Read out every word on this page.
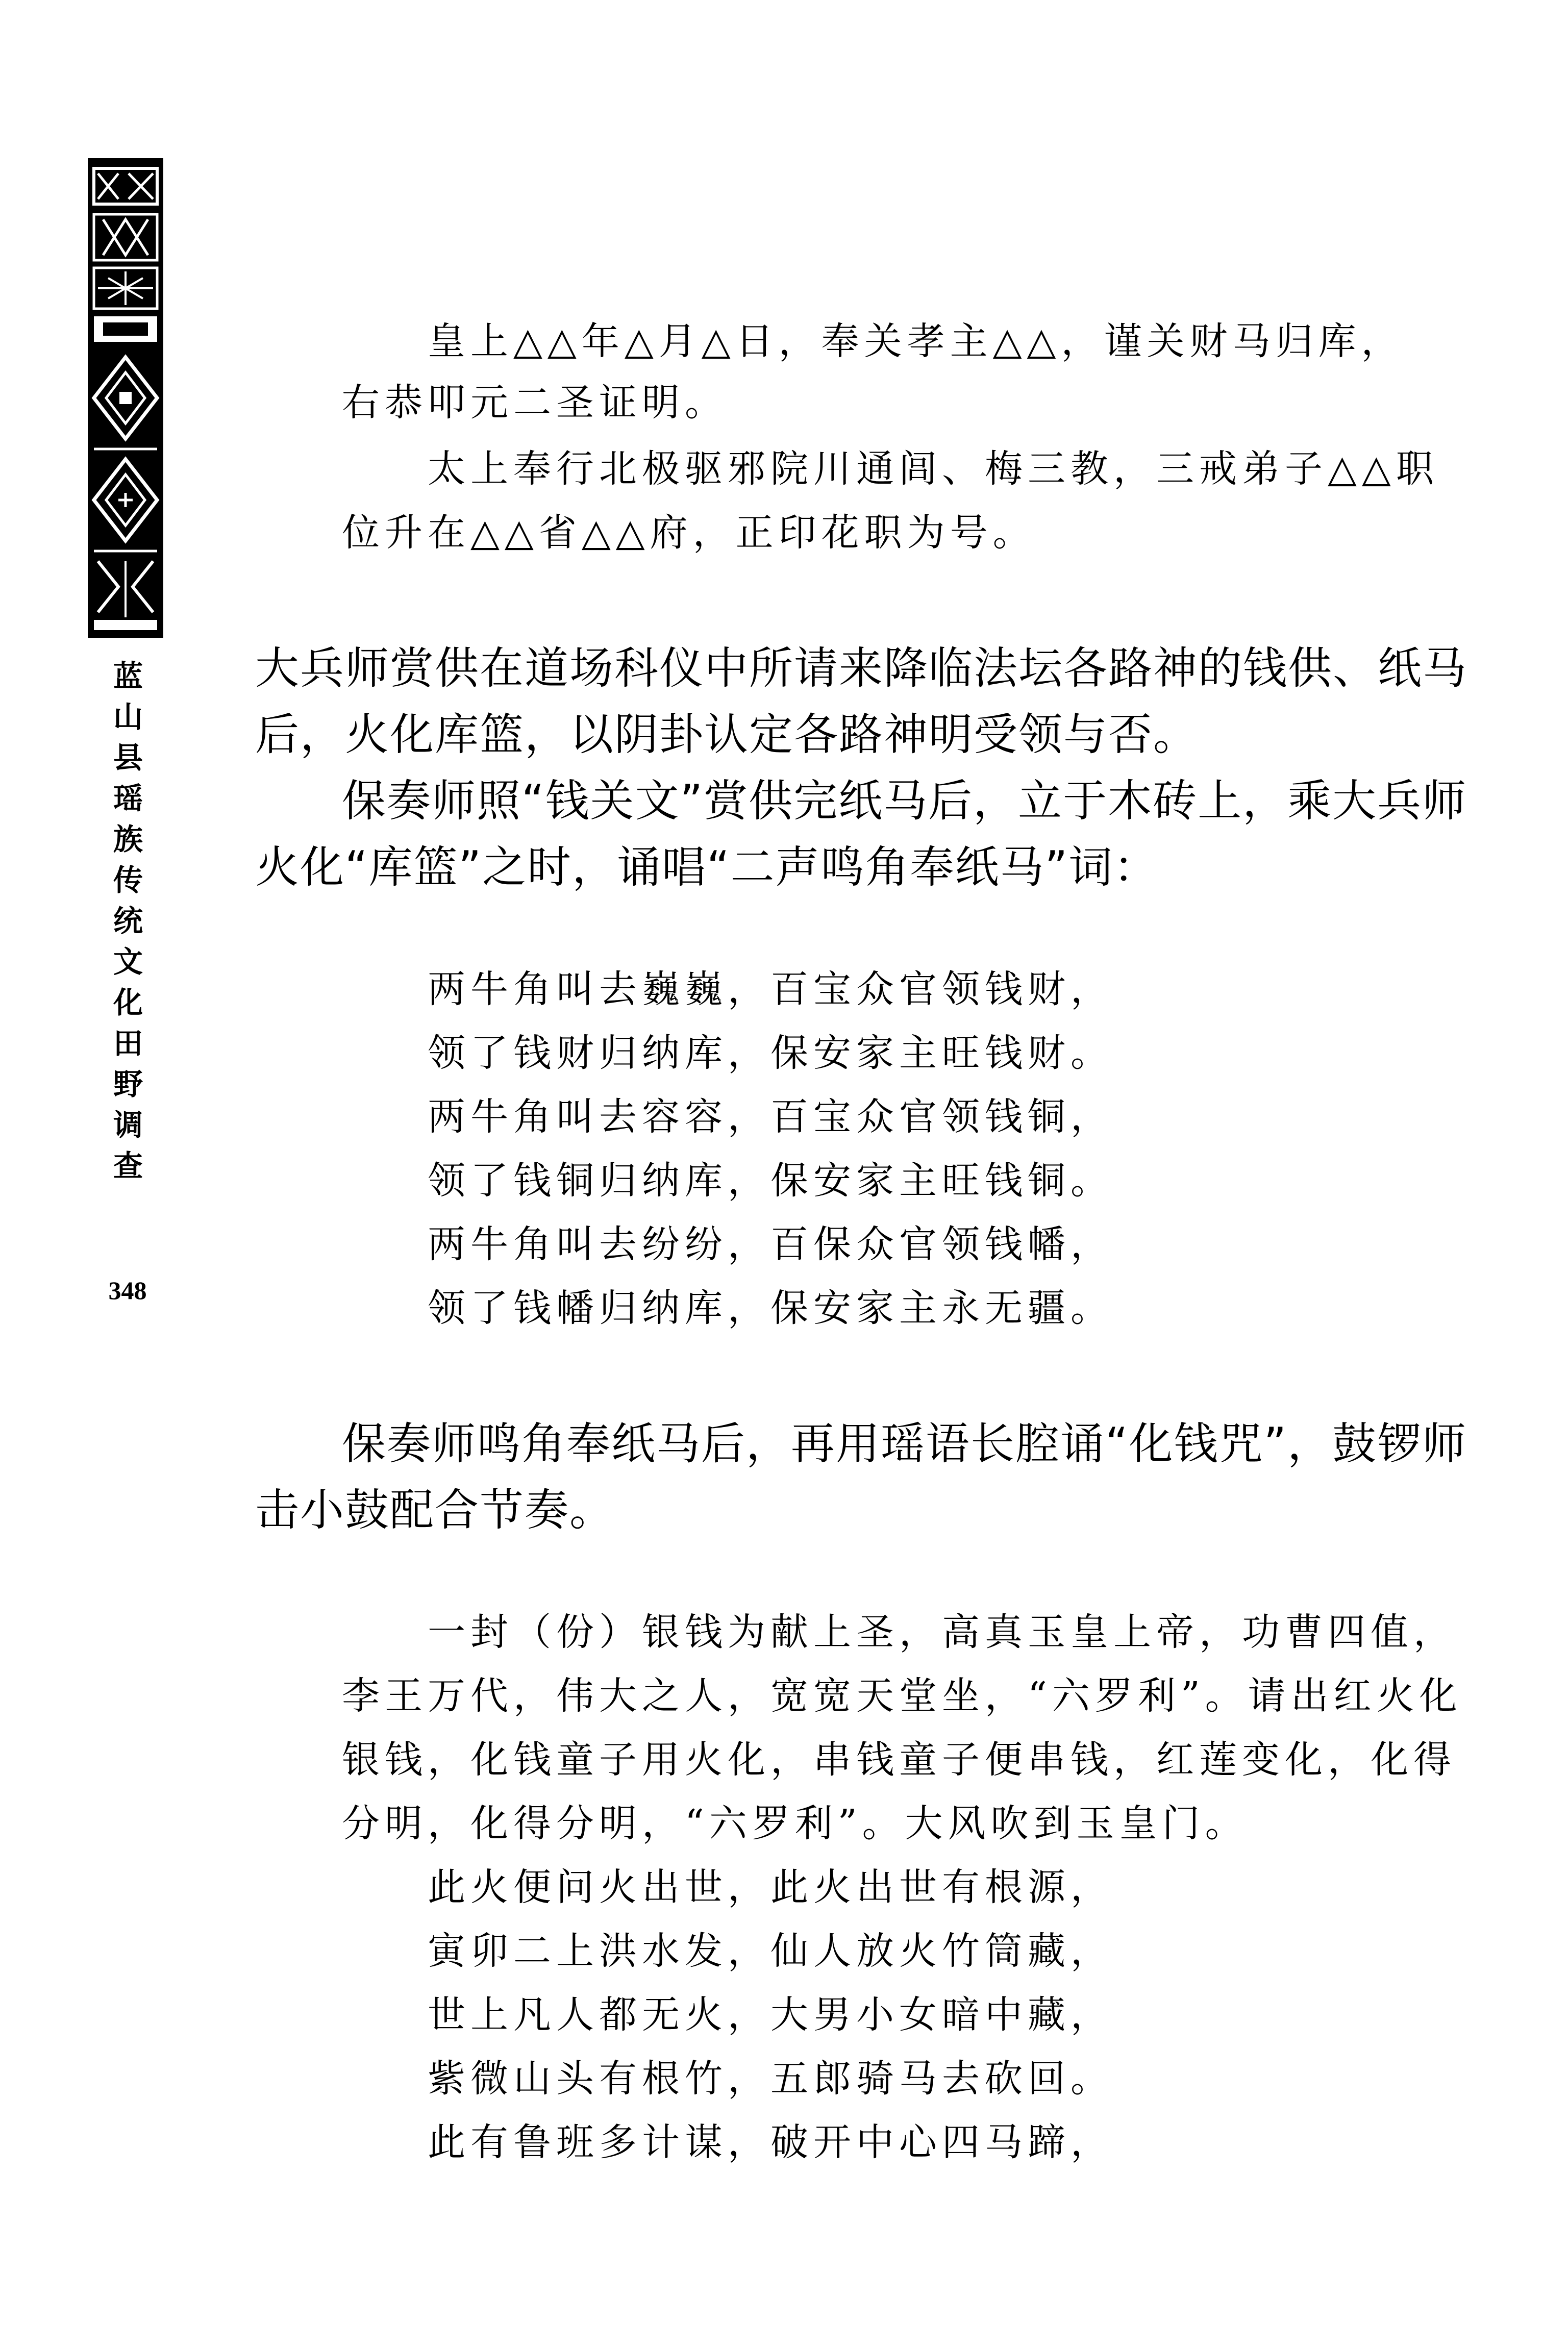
蓝山县瑶族传统文化田野调查
348
皇上△△年△月△日，奉关孝主△△，谨关财马归库，
右恭叩元二圣证明。
太上奉行北极驱邪院川通闾、梅三教，三戒弟子△△职
位升在△△省△△府，正印花职为号。
大兵师赏供在道场科仪中所请来降临法坛各路神的钱供、纸马
后，火化库篮，以阴卦认定各路神明受领与否。
保奏师照“钱关文”赏供完纸马后，立于木砖上，乘大兵师
火化“库篮”之时，诵唱“二声鸣角奉纸马”词：
两牛角叫去巍巍，百宝众官领钱财，
领了钱财归纳库，保安家主旺钱财。
两牛角叫去容容，百宝众官领钱铜，
领了钱铜归纳库，保安家主旺钱铜。
两牛角叫去纷纷，百保众官领钱幡，
领了钱幡归纳库，保安家主永无疆。
保奏师鸣角奉纸马后，再用瑶语长腔诵“化钱咒”，鼓锣师
击小鼓配合节奏。
一封（份）银钱为献上圣，高真玉皇上帝，功曹四值，
李王万代，伟大之人，宽宽天堂坐，“六罗利”。请出红火化
银钱，化钱童子用火化，串钱童子便串钱，红莲变化，化得
分明，化得分明，“六罗利”。大风吹到玉皇门。
此火便问火出世，此火出世有根源，
寅卯二上洪水发，仙人放火竹筒藏，
世上凡人都无火，大男小女暗中藏，
紫微山头有根竹，五郎骑马去砍回。
此有鲁班多计谋，破开中心四马蹄，
